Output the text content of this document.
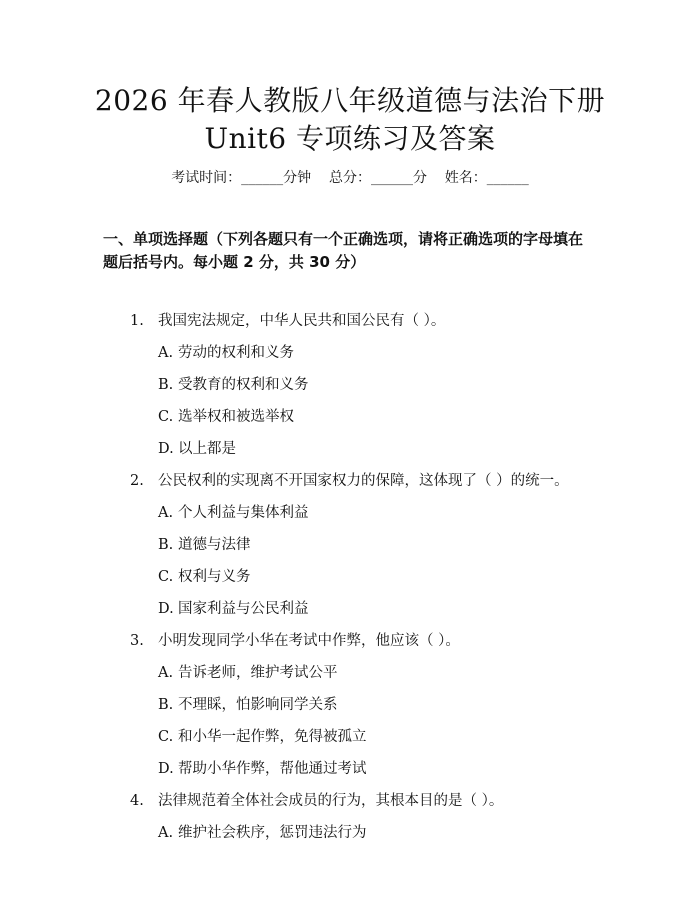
2026 年春人教版八年级道德与法治下册
Unit6 专项练习及答案
考试时间：______分钟    总分：______分    姓名：______
一、单项选择题（下列各题只有一个正确选项，请将正确选项的字母填在题后括号内。每小题 2 分，共 30 分）
1. 我国宪法规定，中华人民共和国公民有（ ）。
A. 劳动的权利和义务
B. 受教育的权利和义务
C. 选举权和被选举权
D. 以上都是
2. 公民权利的实现离不开国家权力的保障，这体现了（ ）的统一。
A. 个人利益与集体利益
B. 道德与法律
C. 权利与义务
D. 国家利益与公民利益
3. 小明发现同学小华在考试中作弊，他应该（ ）。
A. 告诉老师，维护考试公平
B. 不理睬，怕影响同学关系
C. 和小华一起作弊，免得被孤立
D. 帮助小华作弊，帮他通过考试
4. 法律规范着全体社会成员的行为，其根本目的是（ ）。
A. 维护社会秩序，惩罚违法行为
